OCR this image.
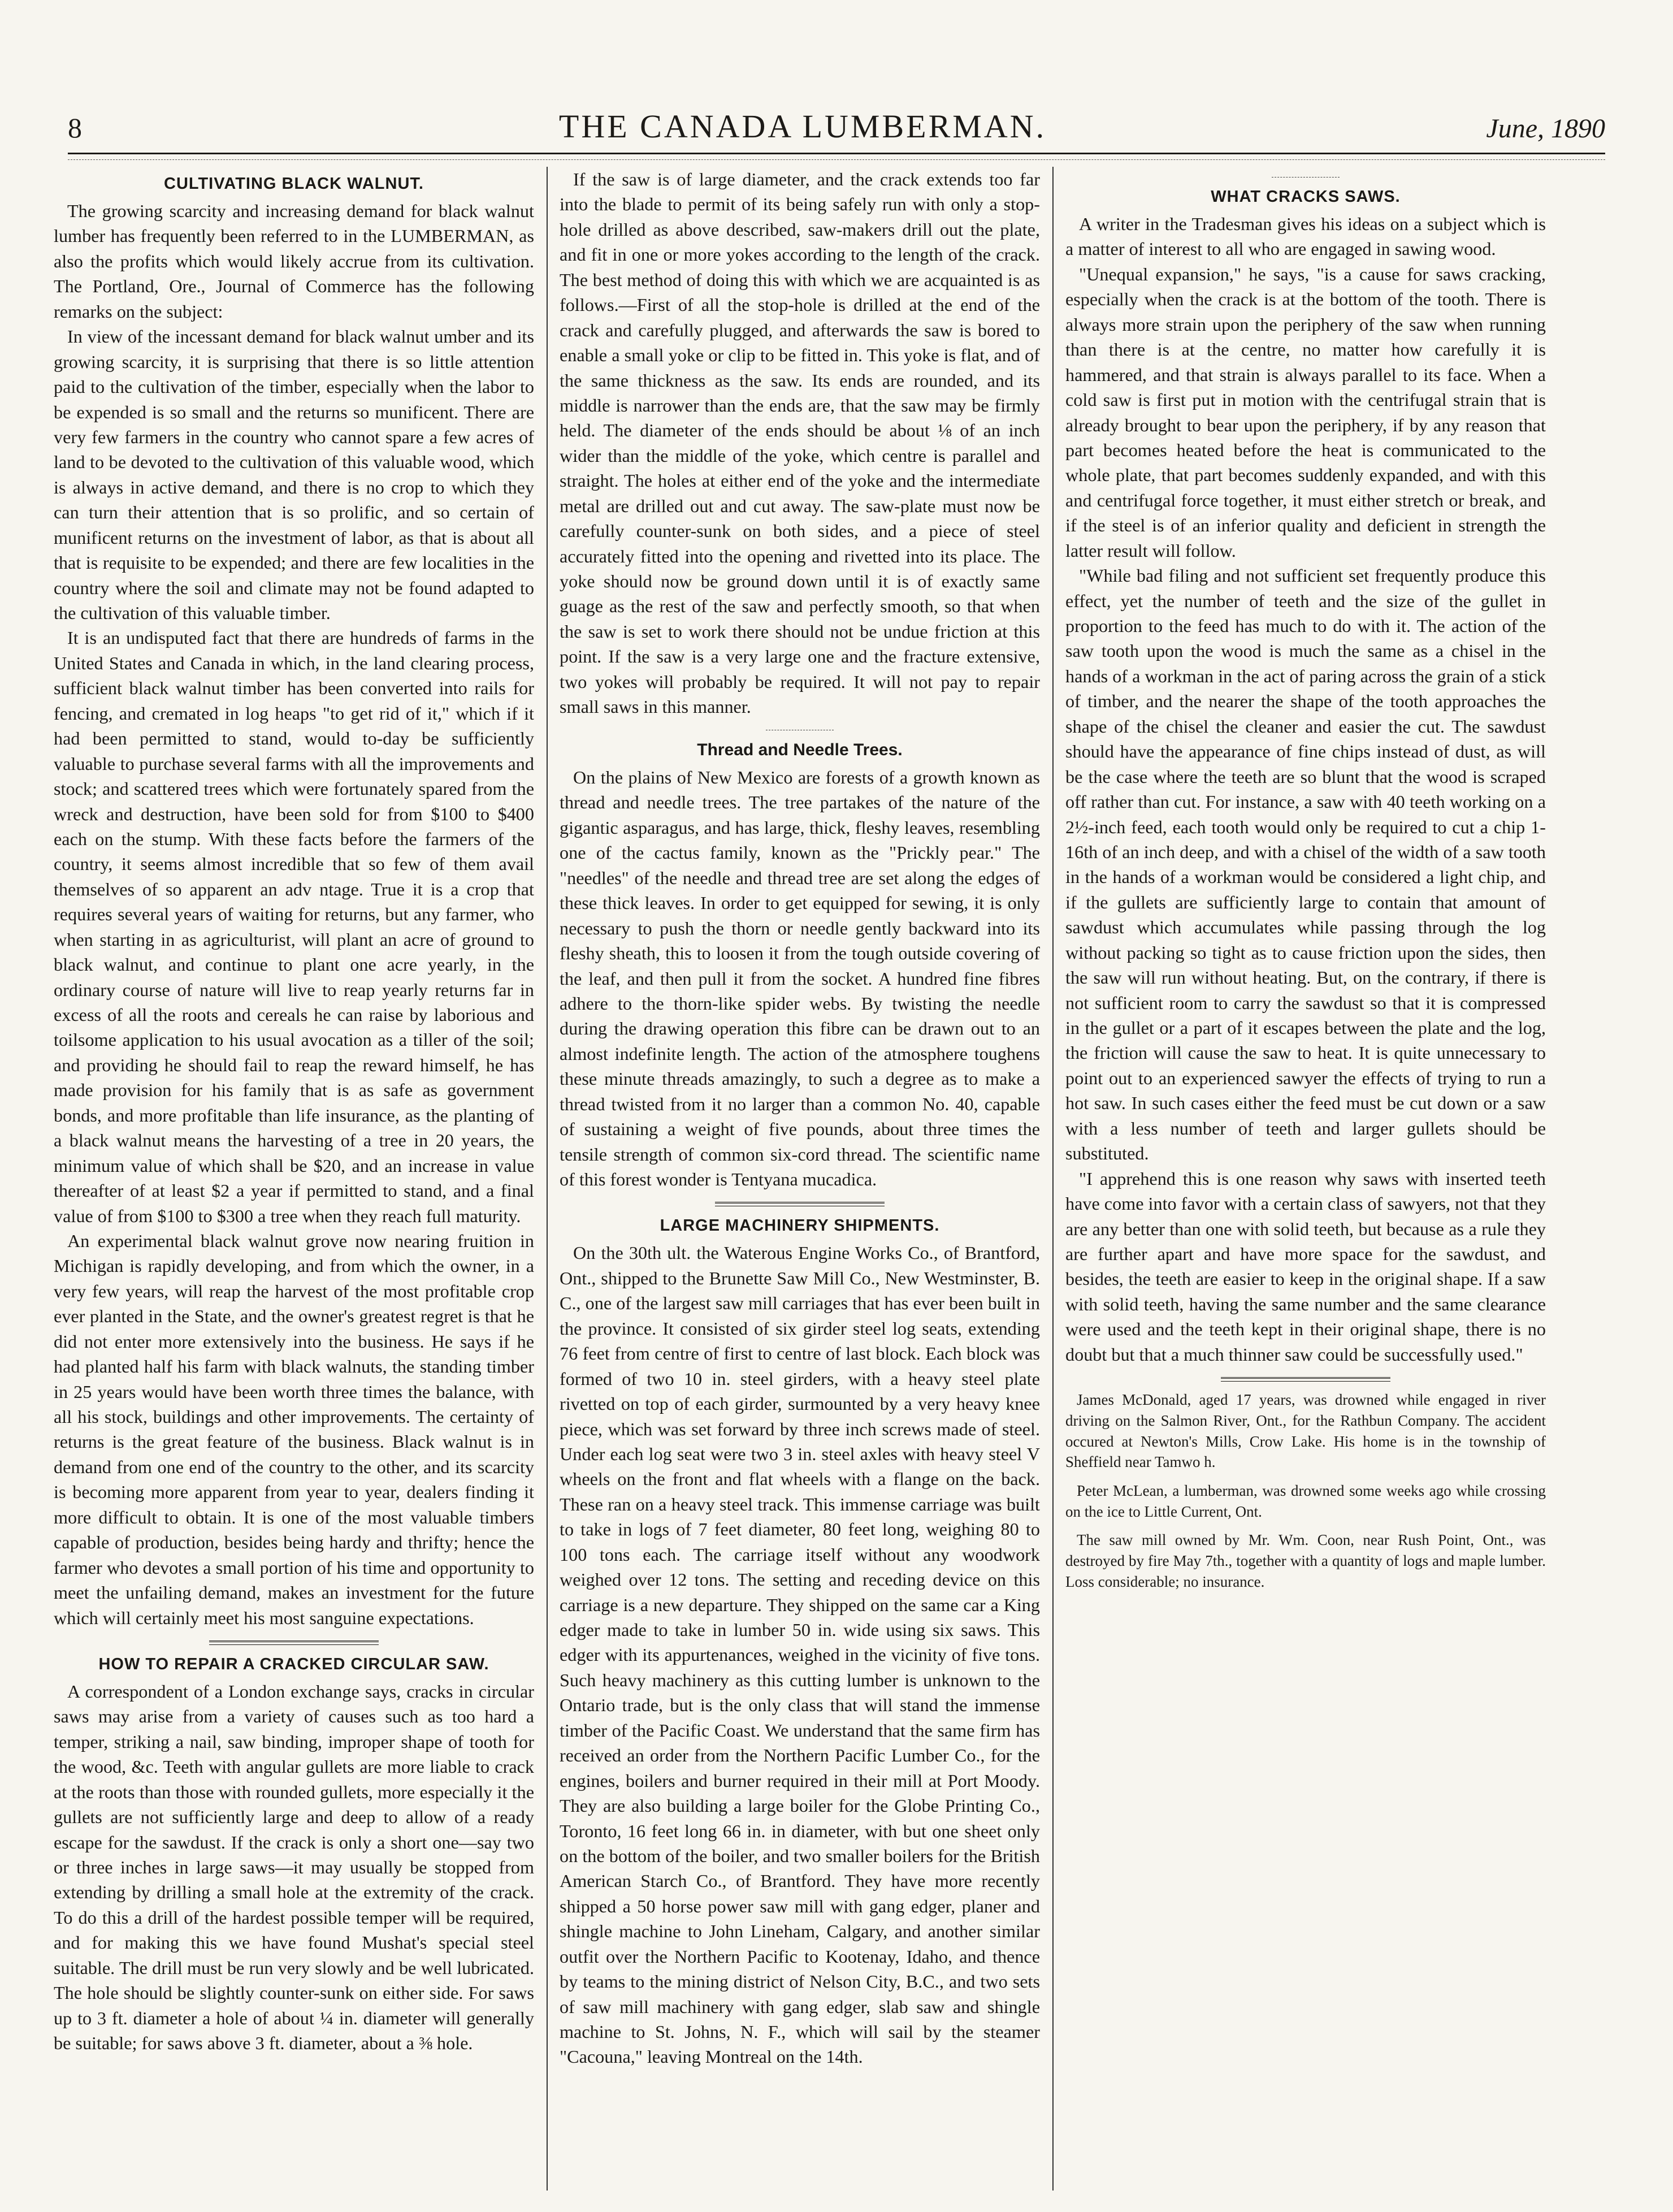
8	THE CANADA LUMBERMAN.	June, 1890
CULTIVATING BLACK WALNUT.

The growing scarcity and increasing demand for black walnut lumber has frequently been referred to in the LUMBERMAN, as also the profits which would likely accrue from its cultivation. The Portland, Ore., Journal of Commerce has the following remarks on the subject:

In view of the incessant demand for black walnut umber and its growing scarcity, it is surprising that there is so little attention paid to the cultivation of the timber, especially when the labor to be expended is so small and the returns so munificent. There are very few farmers in the country who cannot spare a few acres of land to be devoted to the cultivation of this valuable wood, which is always in active demand, and there is no crop to which they can turn their attention that is so prolific, and so certain of munificent returns on the investment of labor, as that is about all that is requisite to be expended; and there are few localities in the country where the soil and climate may not be found adapted to the cultivation of this valuable timber.

It is an undisputed fact that there are hundreds of farms in the United States and Canada in which, in the land clearing process, sufficient black walnut timber has been converted into rails for fencing, and cremated in log heaps "to get rid of it," which if it had been permitted to stand, would to-day be sufficiently valuable to purchase several farms with all the improvements and stock; and scattered trees which were fortunately spared from the wreck and destruction, have been sold for from $100 to $400 each on the stump. With these facts before the farmers of the country, it seems almost incredible that so few of them avail themselves of so apparent an adv ntage. True it is a crop that requires several years of waiting for returns, but any farmer, who when starting in as agriculturist, will plant an acre of ground to black walnut, and continue to plant one acre yearly, in the ordinary course of nature will live to reap yearly returns far in excess of all the roots and cereals he can raise by laborious and toilsome application to his usual avocation as a tiller of the soil; and providing he should fail to reap the reward himself, he has made provision for his family that is as safe as government bonds, and more profitable than life insurance, as the planting of a black walnut means the harvesting of a tree in 20 years, the minimum value of which shall be $20, and an increase in value thereafter of at least $2 a year if permitted to stand, and a final value of from $100 to $300 a tree when they reach full maturity.

An experimental black walnut grove now nearing fruition in Michigan is rapidly developing, and from which the owner, in a very few years, will reap the harvest of the most profitable crop ever planted in the State, and the owner's greatest regret is that he did not enter more extensively into the business. He says if he had planted half his farm with black walnuts, the standing timber in 25 years would have been worth three times the balance, with all his stock, buildings and other improvements. The certainty of returns is the great feature of the business. Black walnut is in demand from one end of the country to the other, and its scarcity is becoming more apparent from year to year, dealers finding it more difficult to obtain. It is one of the most valuable timbers capable of production, besides being hardy and thrifty; hence the farmer who devotes a small portion of his time and opportunity to meet the unfailing demand, makes an investment for the future which will certainly meet his most sanguine expectations.

HOW TO REPAIR A CRACKED CIRCULAR SAW.

A correspondent of a London exchange says, cracks in circular saws may arise from a variety of causes such as too hard a temper, striking a nail, saw binding, improper shape of tooth for the wood, &c. Teeth with angular gullets are more liable to crack at the roots than those with rounded gullets, more especially it the gullets are not sufficiently large and deep to allow of a ready escape for the sawdust. If the crack is only a short one—say two or three inches in large saws—it may usually be stopped from extending by drilling a small hole at the extremity of the crack. To do this a drill of the hardest possible temper will be required, and for making this we have found Mushat's special steel suitable. The drill must be run very slowly and be well lubricated. The hole should be slightly counter-sunk on either side. For saws up to 3 ft. diameter a hole of about ¼ in. diameter will generally be suitable; for saws above 3 ft. diameter, about a ⅜ hole.

If the saw is of large diameter, and the crack extends too far into the blade to permit of its being safely run with only a stop-hole drilled as above described, saw-makers drill out the plate, and fit in one or more yokes according to the length of the crack. The best method of doing this with which we are acquainted is as follows.—First of all the stop-hole is drilled at the end of the crack and carefully plugged, and afterwards the saw is bored to enable a small yoke or clip to be fitted in. This yoke is flat, and of the same thickness as the saw. Its ends are rounded, and its middle is narrower than the ends are, that the saw may be firmly held. The diameter of the ends should be about ⅛ of an inch wider than the middle of the yoke, which centre is parallel and straight. The holes at either end of the yoke and the intermediate metal are drilled out and cut away. The saw-plate must now be carefully counter-sunk on both sides, and a piece of steel accurately fitted into the opening and rivetted into its place. The yoke should now be ground down until it is of exactly same guage as the rest of the saw and perfectly smooth, so that when the saw is set to work there should not be undue friction at this point. If the saw is a very large one and the fracture extensive, two yokes will probably be required. It will not pay to repair small saws in this manner.

Thread and Needle Trees.

On the plains of New Mexico are forests of a growth known as thread and needle trees. The tree partakes of the nature of the gigantic asparagus, and has large, thick, fleshy leaves, resembling one of the cactus family, known as the "Prickly pear." The "needles" of the needle and thread tree are set along the edges of these thick leaves. In order to get equipped for sewing, it is only necessary to push the thorn or needle gently backward into its fleshy sheath, this to loosen it from the tough outside covering of the leaf, and then pull it from the socket. A hundred fine fibres adhere to the thorn-like spider webs. By twisting the needle during the drawing operation this fibre can be drawn out to an almost indefinite length. The action of the atmosphere toughens these minute threads amazingly, to such a degree as to make a thread twisted from it no larger than a common No. 40, capable of sustaining a weight of five pounds, about three times the tensile strength of common six-cord thread. The scientific name of this forest wonder is Tentyana mucadica.

LARGE MACHINERY SHIPMENTS.

On the 30th ult. the Waterous Engine Works Co., of Brantford, Ont., shipped to the Brunette Saw Mill Co., New Westminster, B. C., one of the largest saw mill carriages that has ever been built in the province. It consisted of six girder steel log seats, extending 76 feet from centre of first to centre of last block. Each block was formed of two 10 in. steel girders, with a heavy steel plate rivetted on top of each girder, surmounted by a very heavy knee piece, which was set forward by three inch screws made of steel. Under each log seat were two 3 in. steel axles with heavy steel V wheels on the front and flat wheels with a flange on the back. These ran on a heavy steel track. This immense carriage was built to take in logs of 7 feet diameter, 80 feet long, weighing 80 to 100 tons each. The carriage itself without any woodwork weighed over 12 tons. The setting and receding device on this carriage is a new departure. They shipped on the same car a King edger made to take in lumber 50 in. wide using six saws. This edger with its appurtenances, weighed in the vicinity of five tons. Such heavy machinery as this cutting lumber is unknown to the Ontario trade, but is the only class that will stand the immense timber of the Pacific Coast. We understand that the same firm has received an order from the Northern Pacific Lumber Co., for the engines, boilers and burner required in their mill at Port Moody. They are also building a large boiler for the Globe Printing Co., Toronto, 16 feet long 66 in. in diameter, with but one sheet only on the bottom of the boiler, and two smaller boilers for the British American Starch Co., of Brantford. They have more recently shipped a 50 horse power saw mill with gang edger, planer and shingle machine to John Lineham, Calgary, and another similar outfit over the Northern Pacific to Kootenay, Idaho, and thence by teams to the mining district of Nelson City, B.C., and two sets of saw mill machinery with gang edger, slab saw and shingle machine to St. Johns, N. F., which will sail by the steamer "Cacouna," leaving Montreal on the 14th.

WHAT CRACKS SAWS.

A writer in the Tradesman gives his ideas on a subject which is a matter of interest to all who are engaged in sawing wood.

"Unequal expansion," he says, "is a cause for saws cracking, especially when the crack is at the bottom of the tooth. There is always more strain upon the periphery of the saw when running than there is at the centre, no matter how carefully it is hammered, and that strain is always parallel to its face. When a cold saw is first put in motion with the centrifugal strain that is already brought to bear upon the periphery, if by any reason that part becomes heated before the heat is communicated to the whole plate, that part becomes suddenly expanded, and with this and centrifugal force together, it must either stretch or break, and if the steel is of an inferior quality and deficient in strength the latter result will follow.

"While bad filing and not sufficient set frequently produce this effect, yet the number of teeth and the size of the gullet in proportion to the feed has much to do with it. The action of the saw tooth upon the wood is much the same as a chisel in the hands of a workman in the act of paring across the grain of a stick of timber, and the nearer the shape of the tooth approaches the shape of the chisel the cleaner and easier the cut. The sawdust should have the appearance of fine chips instead of dust, as will be the case where the teeth are so blunt that the wood is scraped off rather than cut. For instance, a saw with 40 teeth working on a 2½-inch feed, each tooth would only be required to cut a chip 1-16th of an inch deep, and with a chisel of the width of a saw tooth in the hands of a workman would be considered a light chip, and if the gullets are sufficiently large to contain that amount of sawdust which accumulates while passing through the log without packing so tight as to cause friction upon the sides, then the saw will run without heating. But, on the contrary, if there is not sufficient room to carry the sawdust so that it is compressed in the gullet or a part of it escapes between the plate and the log, the friction will cause the saw to heat. It is quite unnecessary to point out to an experienced sawyer the effects of trying to run a hot saw. In such cases either the feed must be cut down or a saw with a less number of teeth and larger gullets should be substituted.

"I apprehend this is one reason why saws with inserted teeth have come into favor with a certain class of sawyers, not that they are any better than one with solid teeth, but because as a rule they are further apart and have more space for the sawdust, and besides, the teeth are easier to keep in the original shape. If a saw with solid teeth, having the same number and the same clearance were used and the teeth kept in their original shape, there is no doubt but that a much thinner saw could be successfully used."

James McDonald, aged 17 years, was drowned while engaged in river driving on the Salmon River, Ont., for the Rathbun Company. The accident occured at Newton's Mills, Crow Lake. His home is in the township of Sheffield near Tamwo h.

Peter McLean, a lumberman, was drowned some weeks ago while crossing on the ice to Little Current, Ont.

The saw mill owned by Mr. Wm. Coon, near Rush Point, Ont., was destroyed by fire May 7th., together with a quantity of logs and maple lumber. Loss considerable; no insurance.
